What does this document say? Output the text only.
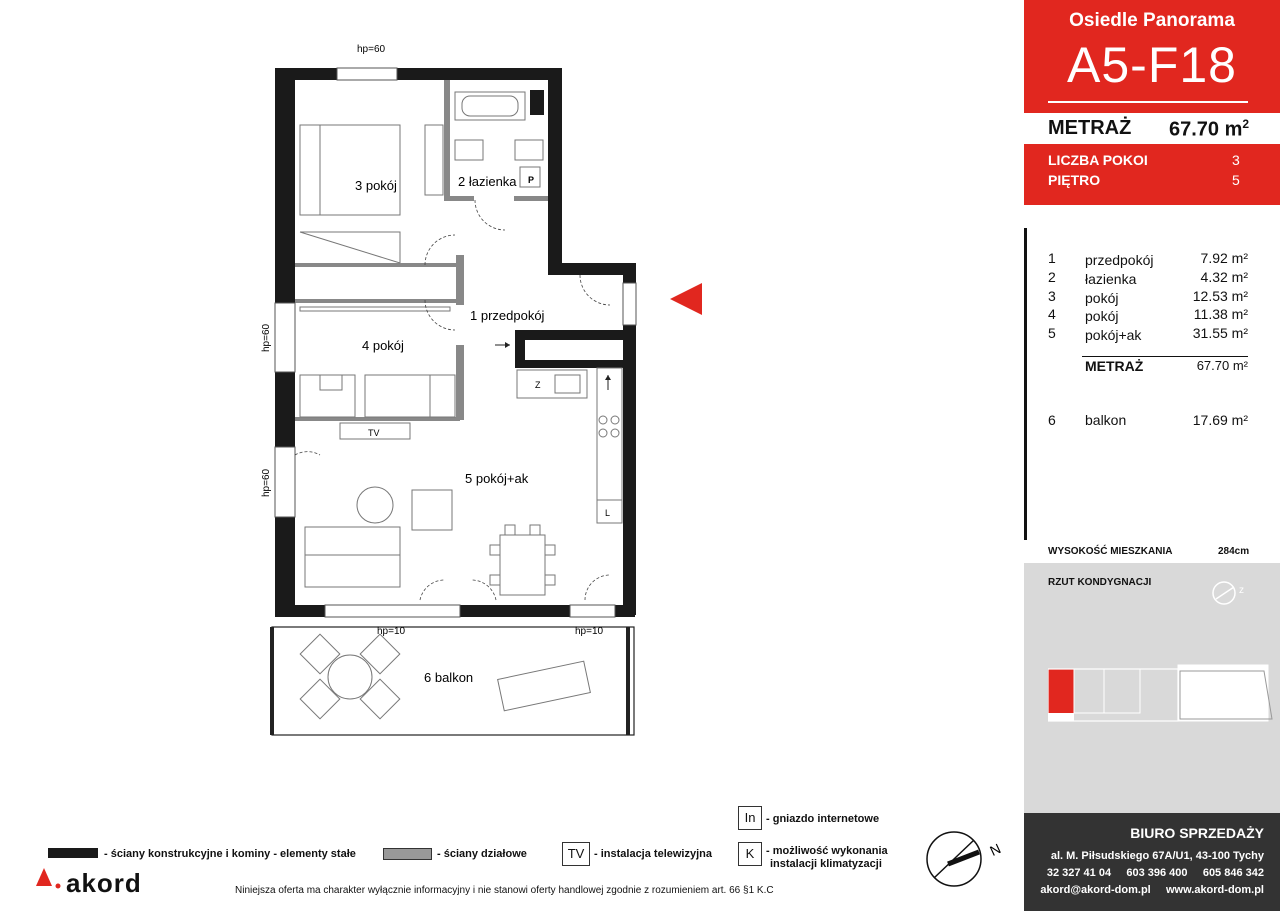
3 pokój	2 łazienka
1 przedpokój
4 pokój
5 pokój+ak
6 balkon
TV
Z
P
L
hp=60
hp=60
hp=60
hp=10	hp=10
Osiedle Panorama
A5-F18
METRAŻ 67.70 $m^2$
LICZBA POKOI	3
PIĘTRO	5
1 przedpokój	7.92 m²
2 łazienka	4.32 m²
3 pokój	12.53 m²
4 pokój	11.38 m²
5 pokój+ak	31.55 m²
METRAŻ	67.70 m²
6 balkon	17.69 m²
WYSOKOŚĆ MIESZKANIA	284cm
RZUT KONDYGNACJI
z
BIURO SPRZEDAŻY
al. M. Piłsudskiego 67A/U1, 43-100 Tychy
32 327 41 04     603 396 400     605 846 342
akord@akord-dom.pl     www.akord-dom.pl
- ściany konstrukcyjne i kominy - elementy stałe	- ściany działowe	TV - instalacja telewizyjna
In - gniazdo internetowe
K	- możliwość wykonania
instalacji klimatyzacji
N
akord	Niniejsza oferta ma charakter wyłącznie informacyjny i nie stanowi oferty handlowej zgodnie z rozumieniem art. 66 §1 K.C
